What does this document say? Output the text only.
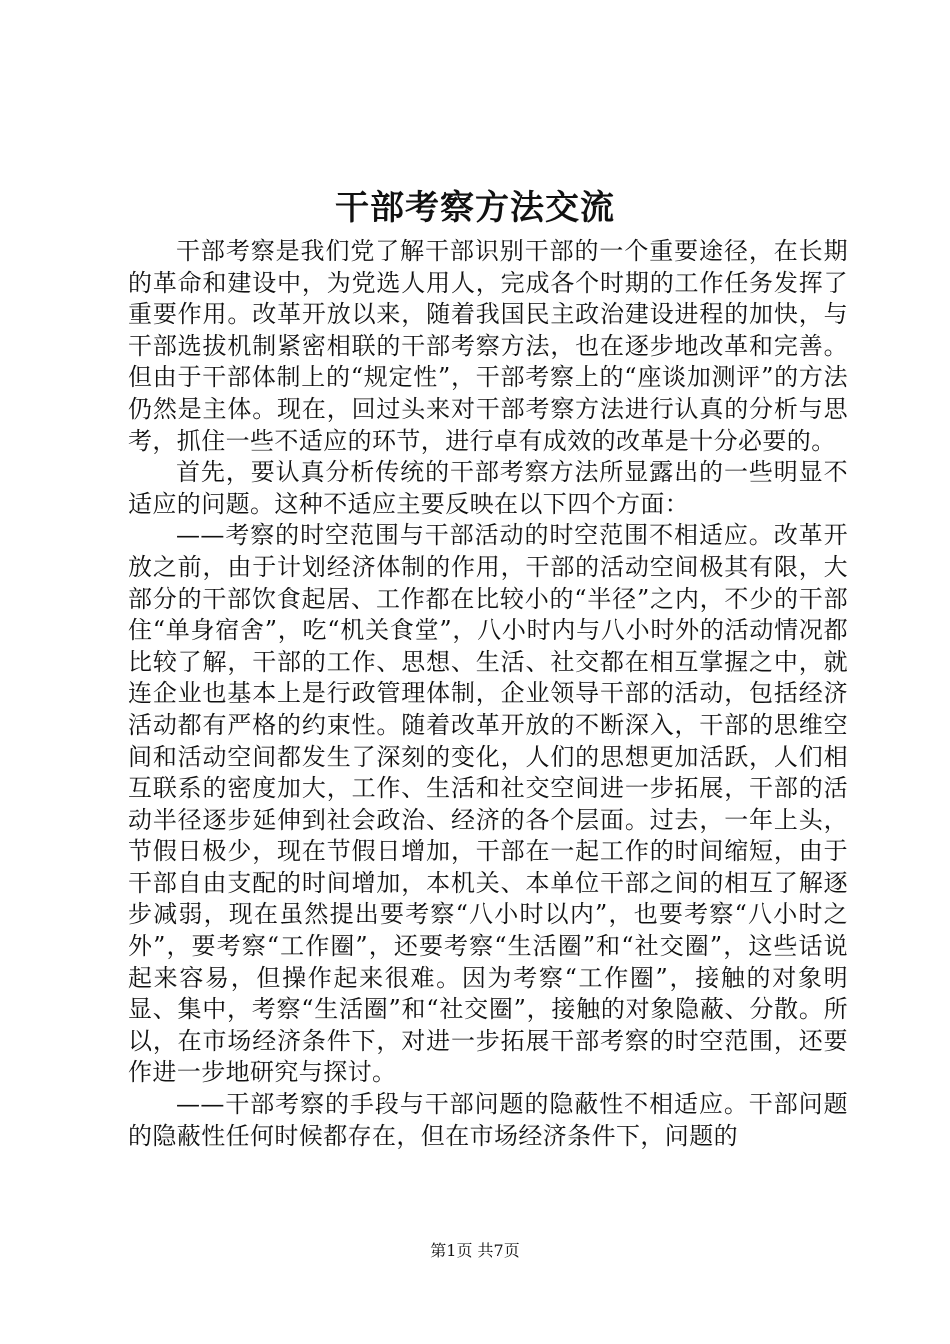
干部考察方法交流

干部考察是我们党了解干部识别干部的一个重要途径，在长期的革命和建设中，为党选人用人，完成各个时期的工作任务发挥了重要作用。改革开放以来，随着我国民主政治建设进程的加快，与干部选拔机制紧密相联的干部考察方法，也在逐步地改革和完善。但由于干部体制上的“规定性”，干部考察上的“座谈加测评”的方法仍然是主体。现在，回过头来对干部考察方法进行认真的分析与思考，抓住一些不适应的环节，进行卓有成效的改革是十分必要的。

首先，要认真分析传统的干部考察方法所显露出的一些明显不适应的问题。这种不适应主要反映在以下四个方面：

——考察的时空范围与干部活动的时空范围不相适应。改革开放之前，由于计划经济体制的作用，干部的活动空间极其有限，大部分的干部饮食起居、工作都在比较小的“半径”之内，不少的干部住“单身宿舍”，吃“机关食堂”，八小时内与八小时外的活动情况都比较了解，干部的工作、思想、生活、社交都在相互掌握之中，就连企业也基本上是行政管理体制，企业领导干部的活动，包括经济活动都有严格的约束性。随着改革开放的不断深入，干部的思维空间和活动空间都发生了深刻的变化，人们的思想更加活跃，人们相互联系的密度加大，工作、生活和社交空间进一步拓展，干部的活动半径逐步延伸到社会政治、经济的各个层面。过去，一年上头，节假日极少，现在节假日增加，干部在一起工作的时间缩短，由于干部自由支配的时间增加，本机关、本单位干部之间的相互了解逐步减弱，现在虽然提出要考察“八小时以内”，也要考察“八小时之外”，要考察“工作圈”，还要考察“生活圈”和“社交圈”，这些话说起来容易，但操作起来很难。因为考察“工作圈”，接触的对象明显、集中，考察“生活圈”和“社交圈”，接触的对象隐蔽、分散。所以，在市场经济条件下，对进一步拓展干部考察的时空范围，还要作进一步地研究与探讨。

——干部考察的手段与干部问题的隐蔽性不相适应。干部问题的隐蔽性任何时候都存在，但在市场经济条件下，问题的

第1页 共7页
